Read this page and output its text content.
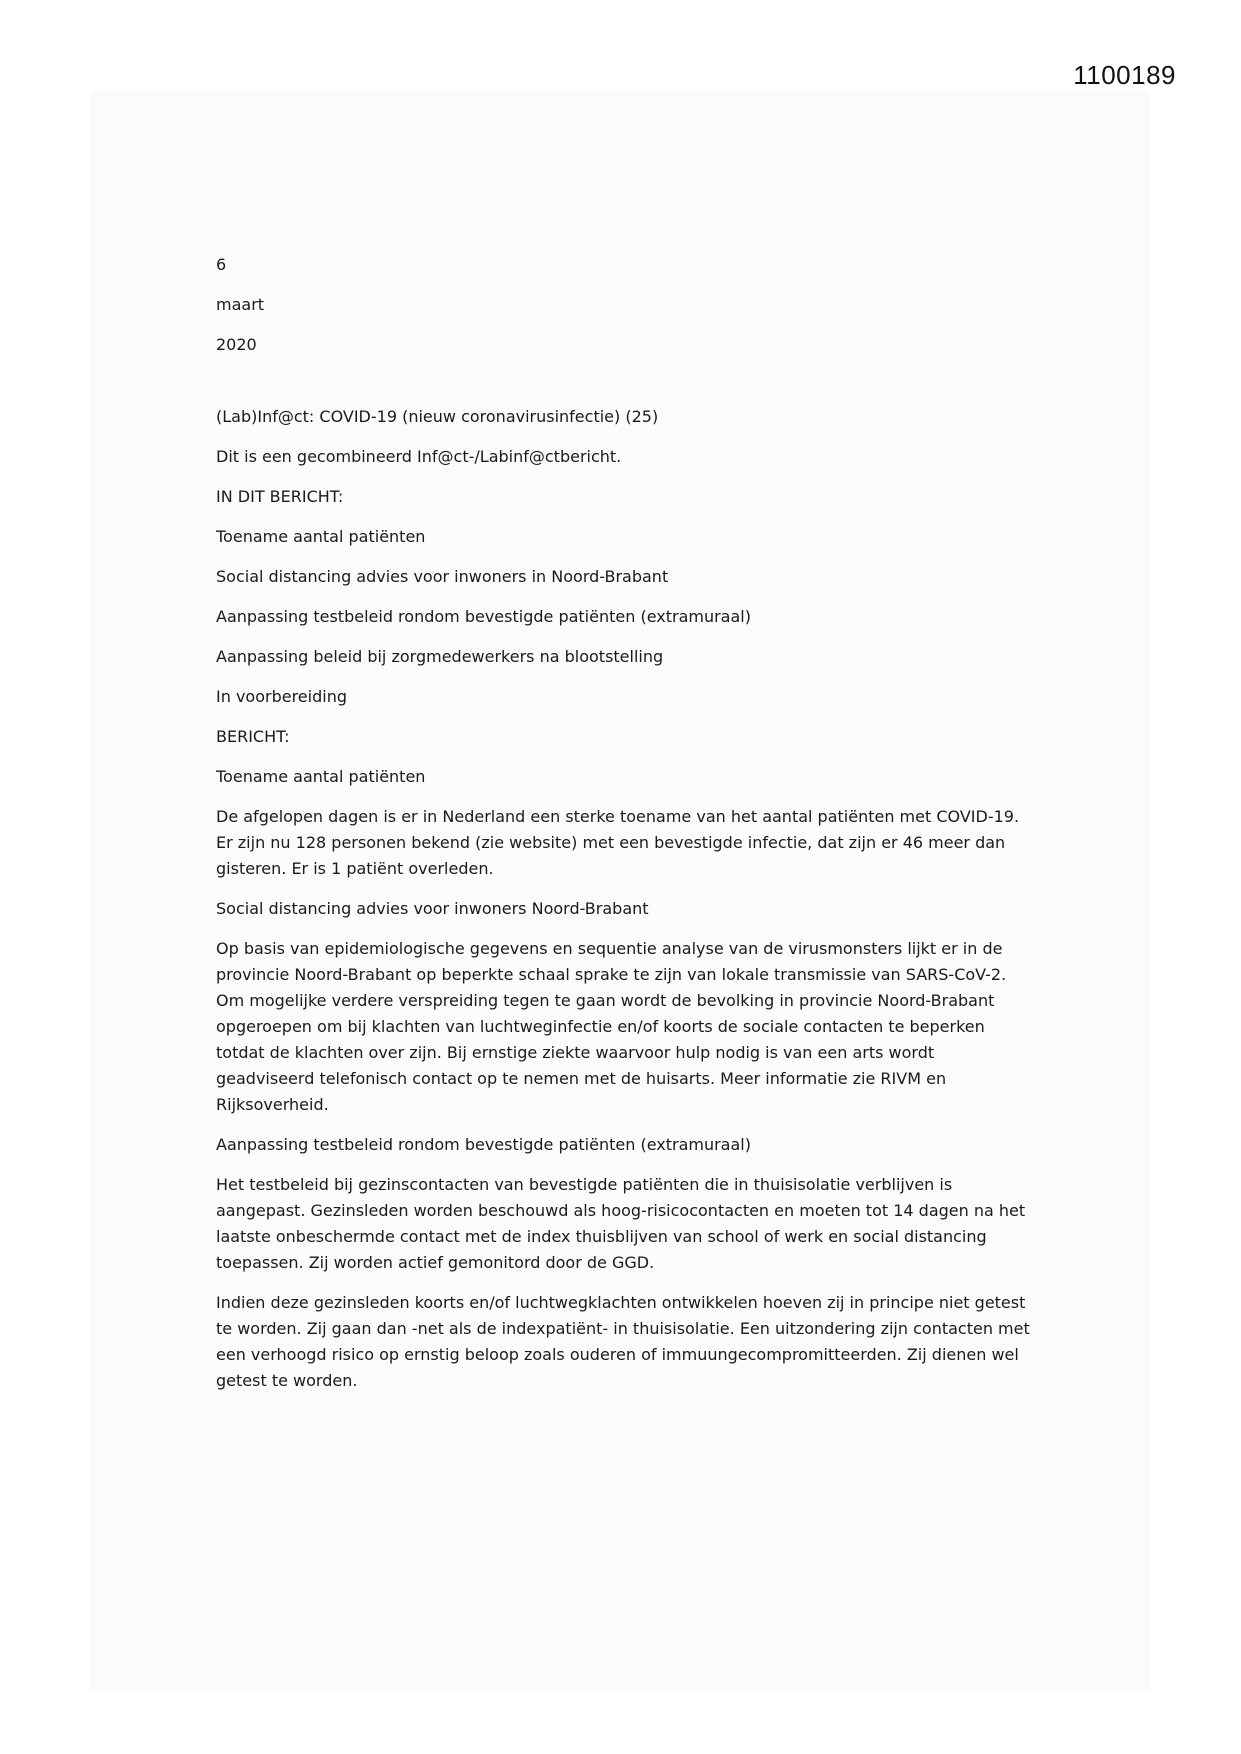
1100189
6
maart
2020
(Lab)Inf@ct: COVID-19 (nieuw coronavirusinfectie) (25)
Dit is een gecombineerd Inf@ct-/Labinf@ctbericht.
IN DIT BERICHT:
Toename aantal patiënten
Social distancing advies voor inwoners in Noord-Brabant
Aanpassing testbeleid rondom bevestigde patiënten (extramuraal)
Aanpassing beleid bij zorgmedewerkers na blootstelling
In voorbereiding
BERICHT:
Toename aantal patiënten
De afgelopen dagen is er in Nederland een sterke toename van het aantal patiënten met COVID-19. Er zijn nu 128 personen bekend (zie website) met een bevestigde infectie, dat zijn er 46 meer dan gisteren. Er is 1 patiënt overleden.
Social distancing advies voor inwoners Noord-Brabant
Op basis van epidemiologische gegevens en sequentie analyse van de virusmonsters lijkt er in de provincie Noord-Brabant op beperkte schaal sprake te zijn van lokale transmissie van SARS-CoV-2. Om mogelijke verdere verspreiding tegen te gaan wordt de bevolking in provincie Noord-Brabant opgeroepen om bij klachten van luchtweginfectie en/of koorts de sociale contacten te beperken totdat de klachten over zijn. Bij ernstige ziekte waarvoor hulp nodig is van een arts wordt geadviseerd telefonisch contact op te nemen met de huisarts. Meer informatie zie RIVM en Rijksoverheid.
Aanpassing testbeleid rondom bevestigde patiënten (extramuraal)
Het testbeleid bij gezinscontacten van bevestigde patiënten die in thuisisolatie verblijven is aangepast. Gezinsleden worden beschouwd als hoog-risicocontacten en moeten tot 14 dagen na het laatste onbeschermde contact met de index thuisblijven van school of werk en social distancing toepassen. Zij worden actief gemonitord door de GGD.
Indien deze gezinsleden koorts en/of luchtwegklachten ontwikkelen hoeven zij in principe niet getest te worden. Zij gaan dan -net als de indexpatiënt- in thuisisolatie. Een uitzondering zijn contacten met een verhoogd risico op ernstig beloop zoals ouderen of immuungecompromitteerden. Zij dienen wel getest te worden.
